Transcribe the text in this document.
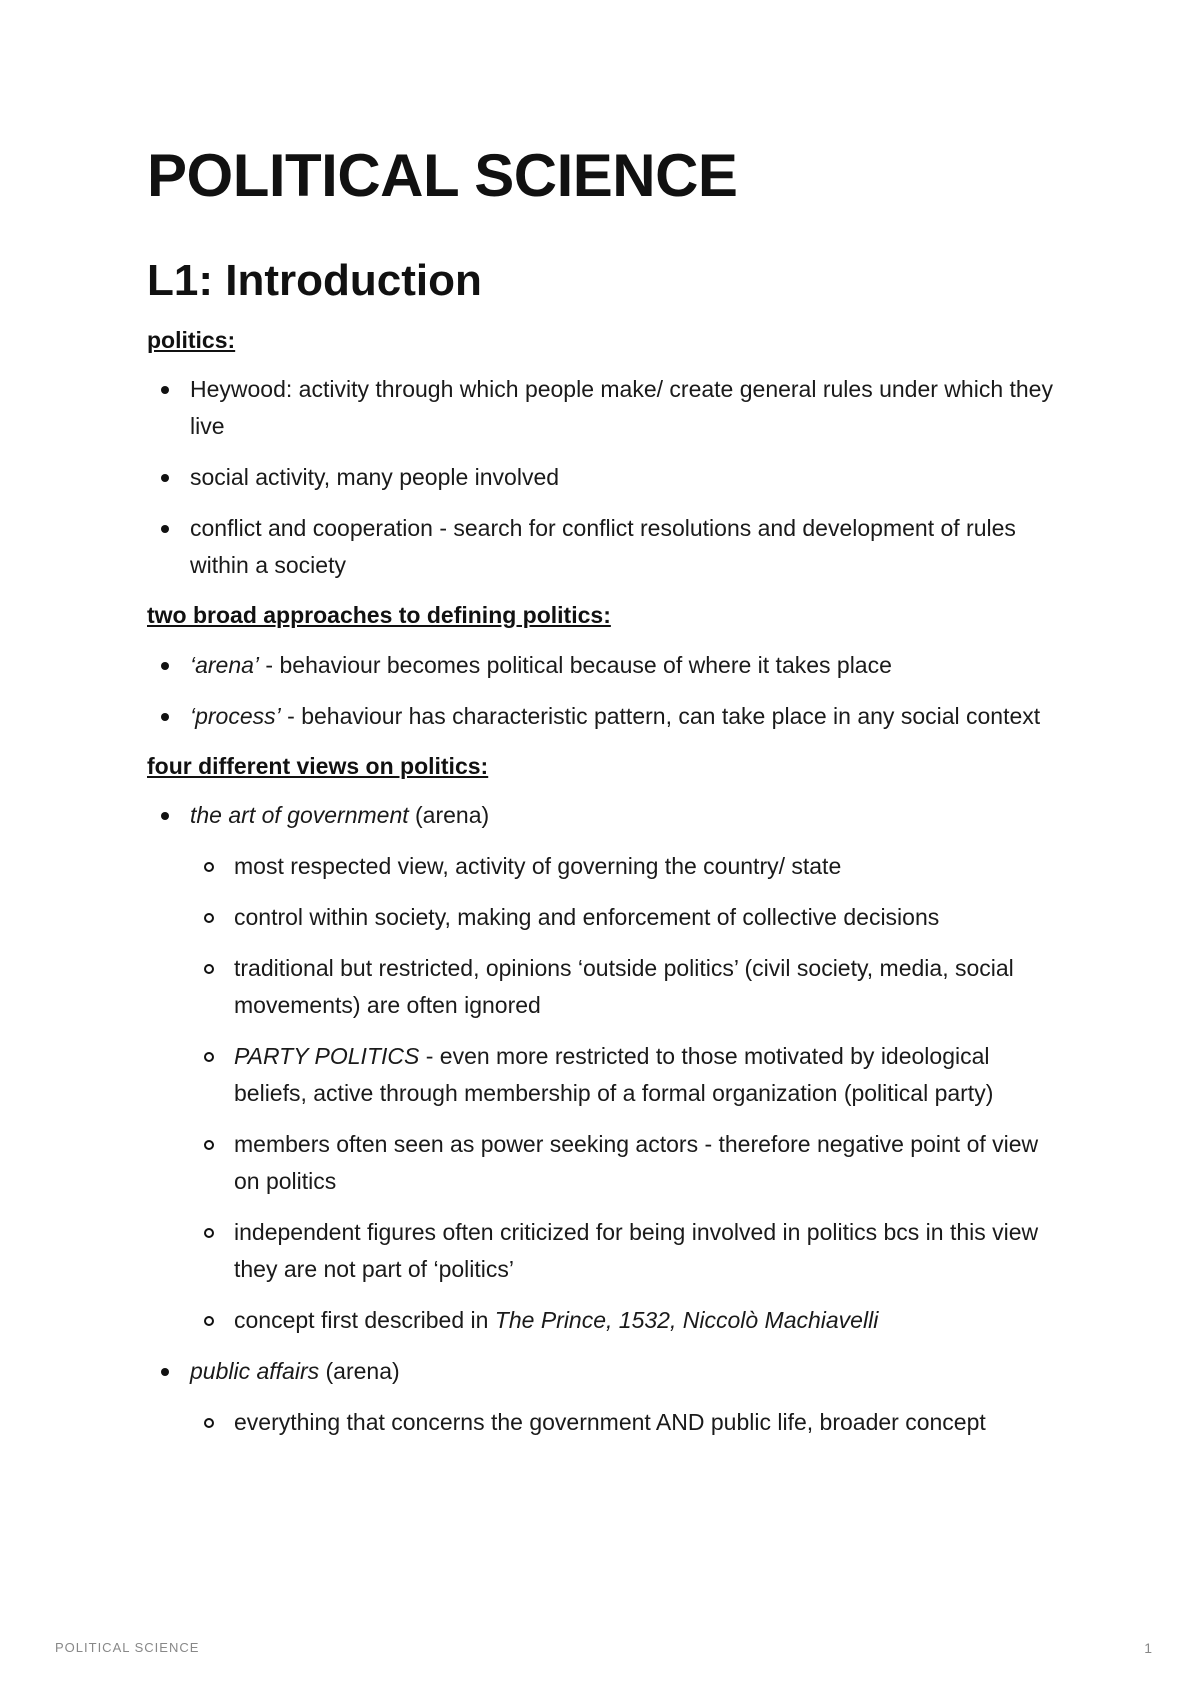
POLITICAL SCIENCE
L1: Introduction
politics:
Heywood: activity through which people make/ create general rules under which they live
social activity, many people involved
conflict and cooperation - search for conflict resolutions and development of rules within a society
two broad approaches to defining politics:
‘arena’ - behaviour becomes political because of where it takes place
‘process’ - behaviour has characteristic pattern, can take place in any social context
four different views on politics:
the art of government (arena)
most respected view, activity of governing the country/ state
control within society, making and enforcement of collective decisions
traditional but restricted, opinions ‘outside politics’ (civil society, media, social movements) are often ignored
PARTY POLITICS - even more restricted to those motivated by ideological beliefs, active through membership of a formal organization (political party)
members often seen as power seeking actors - therefore negative point of view on politics
independent figures often criticized for being involved in politics bcs in this view they are not part of ‘politics’
concept first described in The Prince, 1532, Niccolò Machiavelli
public affairs (arena)
everything that concerns the government AND public life, broader concept
POLITICAL SCIENCE	1
